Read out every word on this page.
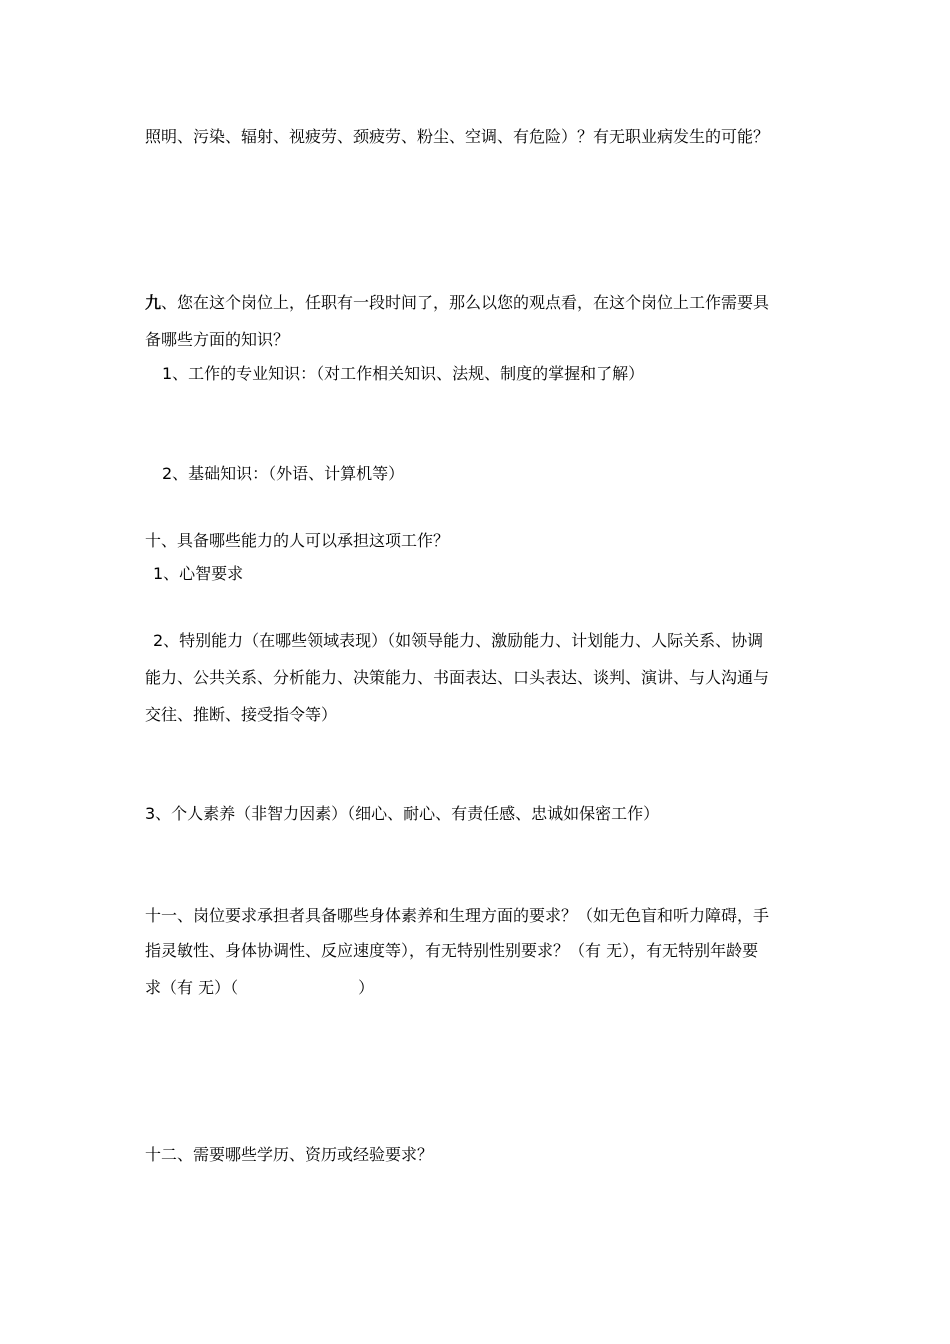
照明、污染、辐射、视疲劳、颈疲劳、粉尘、空调、有危险）？有无职业病发生的可能？
九、您在这个岗位上，任职有一段时间了，那么以您的观点看，在这个岗位上工作需要具
备哪些方面的知识？
1、工作的专业知识：（对工作相关知识、法规、制度的掌握和了解）
2、基础知识：（外语、计算机等）
十、具备哪些能力的人可以承担这项工作？
1、心智要求
2、特别能力（在哪些领域表现）（如领导能力、激励能力、计划能力、人际关系、协调
能力、公共关系、分析能力、决策能力、书面表达、口头表达、谈判、演讲、与人沟通与
交往、推断、接受指令等）
3、个人素养（非智力因素）（细心、耐心、有责任感、忠诚如保密工作）
十一、岗位要求承担者具备哪些身体素养和生理方面的要求？（如无色盲和听力障碍，手
指灵敏性、身体协调性、反应速度等），有无特别性别要求？（有 无），有无特别年龄要
求（有 无）（	）
十二、需要哪些学历、资历或经验要求？
